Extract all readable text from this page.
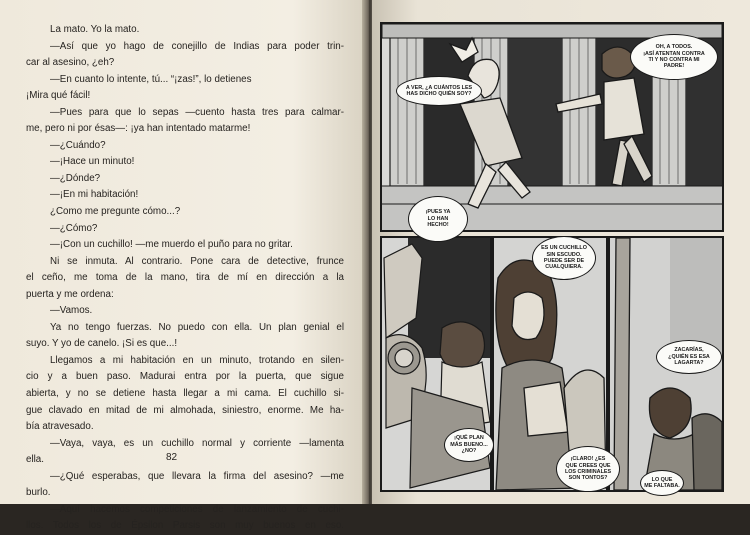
La mato. Yo la mato.
—Así que yo hago de conejillo de Indias para poder trin-
car al asesino, ¿eh?
—En cuanto lo intente, tú... “¡zas!”, lo detienes
¡Mira qué fácil!
—Pues para que lo sepas —cuento hasta tres para calmar-
me, pero ni por ésas—: ¡ya han intentado matarme!
—¿Cuándo?
—¡Hace un minuto!
—¿Dónde?
—¡En mi habitación!
¿Como me pregunte cómo...?
—¿Cómo?
—¡Con un cuchillo! —me muerdo el puño para no gritar.
Ni se inmuta. Al contrario. Pone cara de detective, frunce
el ceño, me toma de la mano, tira de mí en dirección a la
puerta y me ordena:
—Vamos.
Ya no tengo fuerzas. No puedo con ella. Un plan genial el
suyo. Y yo de canelo. ¡Si es que...!
Llegamos a mi habitación en un minuto, trotando en silen-
cio y a buen paso. Madurai entra por la puerta, que sigue
abierta, y no se detiene hasta llegar a mi cama. El cuchillo si-
gue clavado en mitad de mi almohada, siniestro, enorme. Me ha-
bía atravesado.
—Vaya, vaya, es un cuchillo normal y corriente —lamenta
ella.
—¿Qué esperabas, que llevara la firma del asesino? —me
burlo.
—Aquí hacemos competiciones de lanzamiento de cuchi-
llos. Todos los de Épsilon Parsis son muy buenos en eso.
82
OH, A TODOS.
¡ASÍ ATENTAN CONTRA
TI Y NO CONTRA MI
PADRE!
A VER, ¿A CUÁNTOS LES
HAS DICHO QUIÉN SOY?
¡PUES YA
LO HAN
HECHO!
ES UN CUCHILLO
SIN ESCUDO.
PUEDE SER DE
CUALQUIERA.
ZACARÍAS,
¿QUIÉN ES ESA
LAGARTA?
¡QUÉ PLAN
MÁS BUENO...
¿NO?
¡CLARO! ¿ES
QUE CREES QUE
LOS CRIMINALES
SON TONTOS?	LO QUE
ME FALTABA.
